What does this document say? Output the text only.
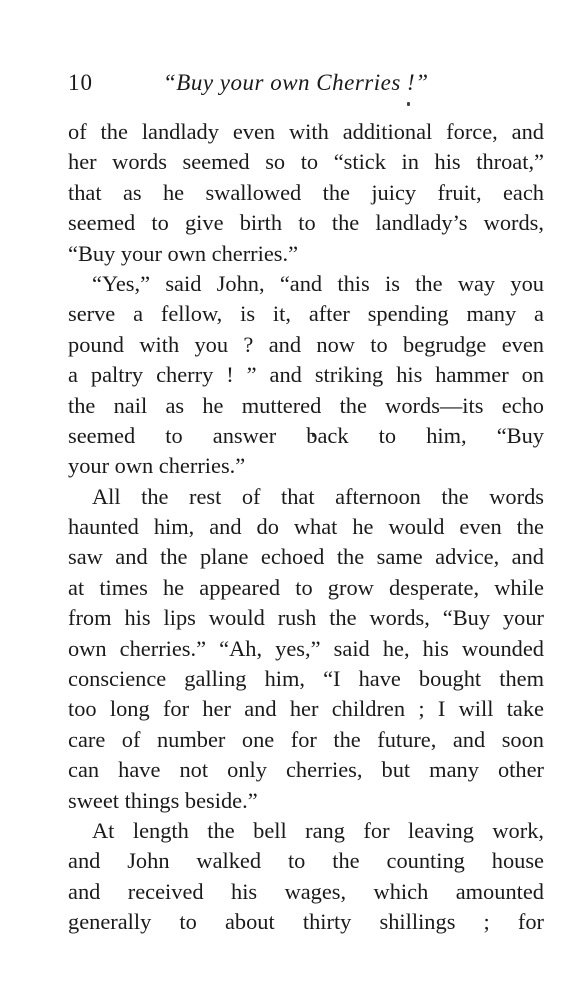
10	“Buy your own Cherries !”
of the landlady even with additional force, and
her words seemed so to “stick in his throat,”
that as he swallowed the juicy fruit, each
seemed to give birth to the landlady’s words,
“Buy your own cherries.”
“Yes,” said John, “and this is the way you
serve a fellow, is it, after spending many a
pound with you ? and now to begrudge even
a paltry cherry ! ” and striking his hammer on
the nail as he muttered the words—its echo
seemed to answer back to him, “Buy
your own cherries.”
All the rest of that afternoon the words
haunted him, and do what he would even the
saw and the plane echoed the same advice, and
at times he appeared to grow desperate, while
from his lips would rush the words, “Buy your
own cherries.” “Ah, yes,” said he, his wounded
conscience galling him, “I have bought them
too long for her and her children ; I will take
care of number one for the future, and soon
can have not only cherries, but many other
sweet things beside.”
At length the bell rang for leaving work,
and John walked to the counting house
and received his wages, which amounted
generally to about thirty shillings ; for
